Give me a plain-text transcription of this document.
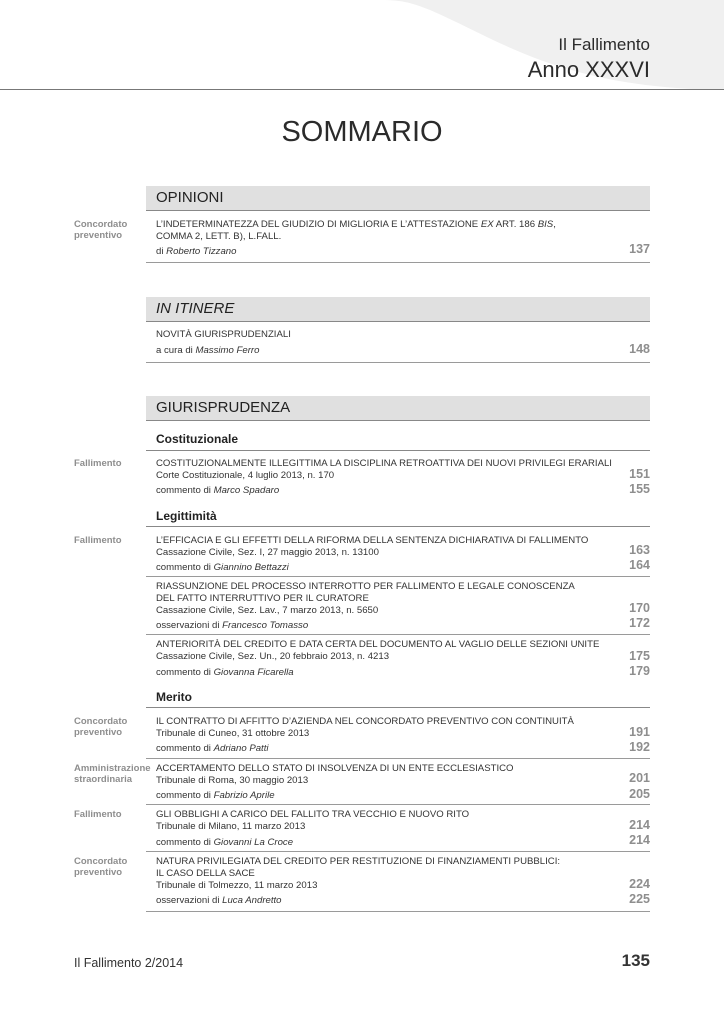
Il Fallimento
Anno XXXVI
SOMMARIO
OPINIONI
Concordato
preventivo
L’INDETERMINATEZZA DEL GIUDIZIO DI MIGLIORIA E L’ATTESTAZIONE EX ART. 186 BIS,
COMMA 2, LETT. B), L.FALL.
di Roberto Tizzano	137
IN ITINERE
NOVITÀ GIURISPRUDENZIALI
a cura di Massimo Ferro	148
GIURISPRUDENZA
Costituzionale
Fallimento	COSTITUZIONALMENTE ILLEGITTIMA LA DISCIPLINA RETROATTIVA DEI NUOVI PRIVILEGI ERARIALI
Corte Costituzionale, 4 luglio 2013, n. 170	151
commento di Marco Spadaro	155
Legittimità
Fallimento	L’EFFICACIA E GLI EFFETTI DELLA RIFORMA DELLA SENTENZA DICHIARATIVA DI FALLIMENTO
Cassazione Civile, Sez. I, 27 maggio 2013, n. 13100	163
commento di Giannino Bettazzi	164
RIASSUNZIONE DEL PROCESSO INTERROTTO PER FALLIMENTO E LEGALE CONOSCENZA
DEL FATTO INTERRUTTIVO PER IL CURATORE
Cassazione Civile, Sez. Lav., 7 marzo 2013, n. 5650	170
osservazioni di Francesco Tomasso	172
ANTERIORITÀ DEL CREDITO E DATA CERTA DEL DOCUMENTO AL VAGLIO DELLE SEZIONI UNITE
Cassazione Civile, Sez. Un., 20 febbraio 2013, n. 4213	175
commento di Giovanna Ficarella	179
Merito
Concordato
preventivo
IL CONTRATTO DI AFFITTO D’AZIENDA NEL CONCORDATO PREVENTIVO CON CONTINUITÀ
Tribunale di Cuneo, 31 ottobre 2013	191
commento di Adriano Patti	192
Amministrazione
straordinaria
ACCERTAMENTO DELLO STATO DI INSOLVENZA DI UN ENTE ECCLESIASTICO
Tribunale di Roma, 30 maggio 2013	201
commento di Fabrizio Aprile	205
Fallimento	GLI OBBLIGHI A CARICO DEL FALLITO TRA VECCHIO E NUOVO RITO
Tribunale di Milano, 11 marzo 2013	214
commento di Giovanni La Croce	214
Concordato
preventivo
NATURA PRIVILEGIATA DEL CREDITO PER RESTITUZIONE DI FINANZIAMENTI PUBBLICI:
IL CASO DELLA SACE
Tribunale di Tolmezzo, 11 marzo 2013	224
osservazioni di Luca Andretto	225
Il Fallimento 2/2014	135
